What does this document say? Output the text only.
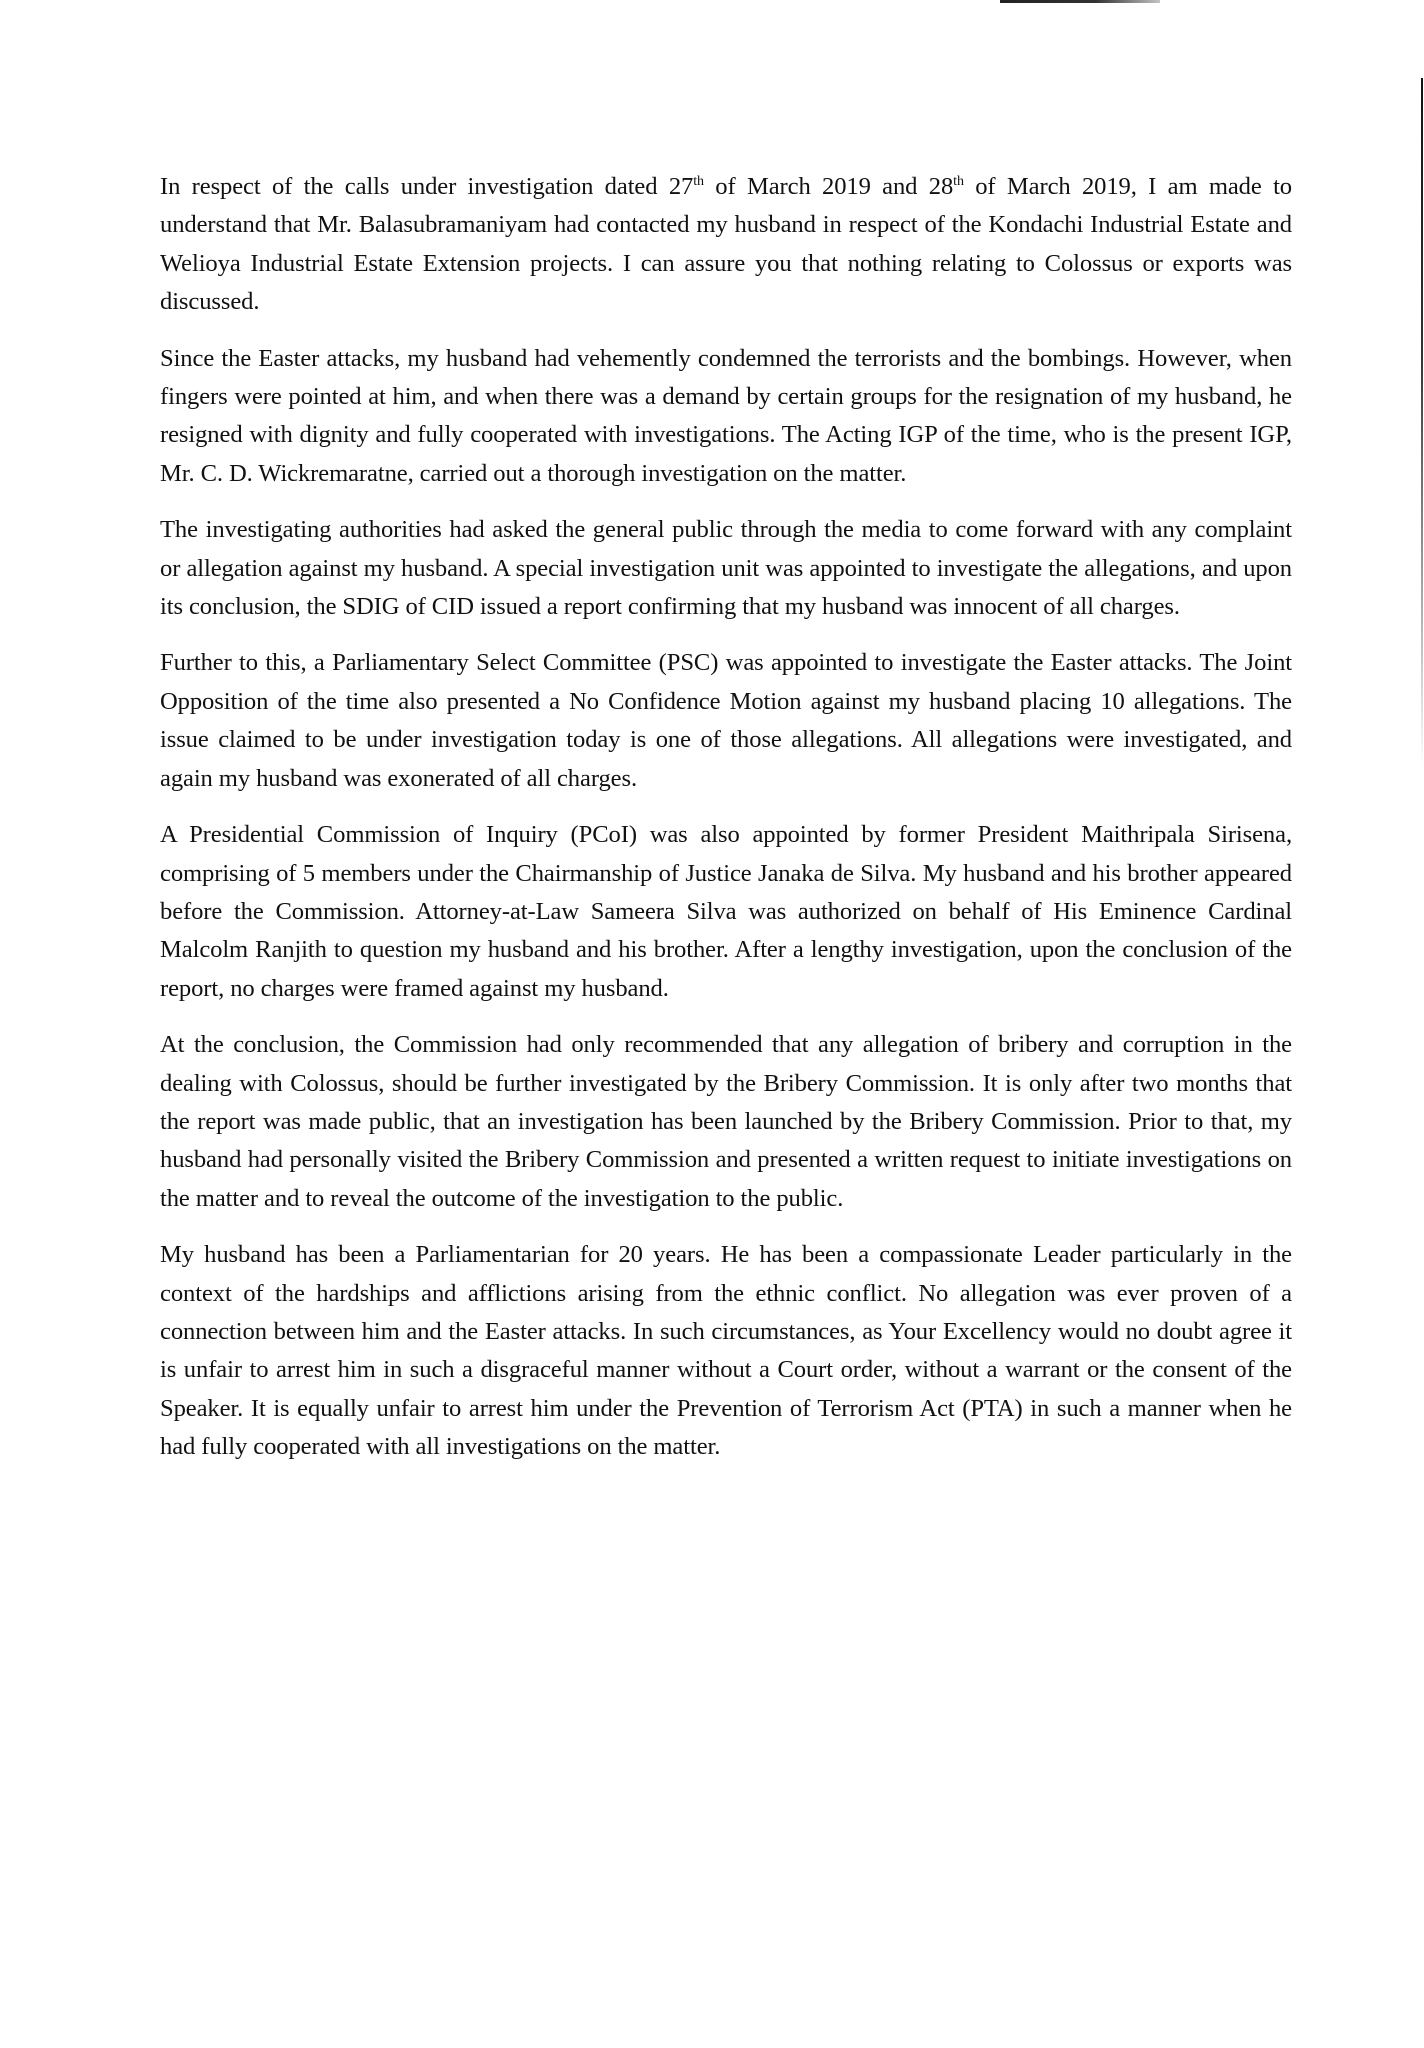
In respect of the calls under investigation dated 27th of March 2019 and 28th of March 2019, I am made to understand that Mr. Balasubramaniyam had contacted my husband in respect of the Kondachi Industrial Estate and Welioya Industrial Estate Extension projects. I can assure you that nothing relating to Colossus or exports was discussed.

Since the Easter attacks, my husband had vehemently condemned the terrorists and the bombings. However, when fingers were pointed at him, and when there was a demand by certain groups for the resignation of my husband, he resigned with dignity and fully cooperated with investigations. The Acting IGP of the time, who is the present IGP, Mr. C. D. Wickremaratne, carried out a thorough investigation on the matter.

The investigating authorities had asked the general public through the media to come forward with any complaint or allegation against my husband. A special investigation unit was appointed to investigate the allegations, and upon its conclusion, the SDIG of CID issued a report confirming that my husband was innocent of all charges.

Further to this, a Parliamentary Select Committee (PSC) was appointed to investigate the Easter attacks. The Joint Opposition of the time also presented a No Confidence Motion against my husband placing 10 allegations. The issue claimed to be under investigation today is one of those allegations. All allegations were investigated, and again my husband was exonerated of all charges.

A Presidential Commission of Inquiry (PCoI) was also appointed by former President Maithripala Sirisena, comprising of 5 members under the Chairmanship of Justice Janaka de Silva. My husband and his brother appeared before the Commission. Attorney-at-Law Sameera Silva was authorized on behalf of His Eminence Cardinal Malcolm Ranjith to question my husband and his brother. After a lengthy investigation, upon the conclusion of the report, no charges were framed against my husband.

At the conclusion, the Commission had only recommended that any allegation of bribery and corruption in the dealing with Colossus, should be further investigated by the Bribery Commission. It is only after two months that the report was made public, that an investigation has been launched by the Bribery Commission. Prior to that, my husband had personally visited the Bribery Commission and presented a written request to initiate investigations on the matter and to reveal the outcome of the investigation to the public.

My husband has been a Parliamentarian for 20 years. He has been a compassionate Leader particularly in the context of the hardships and afflictions arising from the ethnic conflict. No allegation was ever proven of a connection between him and the Easter attacks. In such circumstances, as Your Excellency would no doubt agree it is unfair to arrest him in such a disgraceful manner without a Court order, without a warrant or the consent of the Speaker. It is equally unfair to arrest him under the Prevention of Terrorism Act (PTA) in such a manner when he had fully cooperated with all investigations on the matter.
